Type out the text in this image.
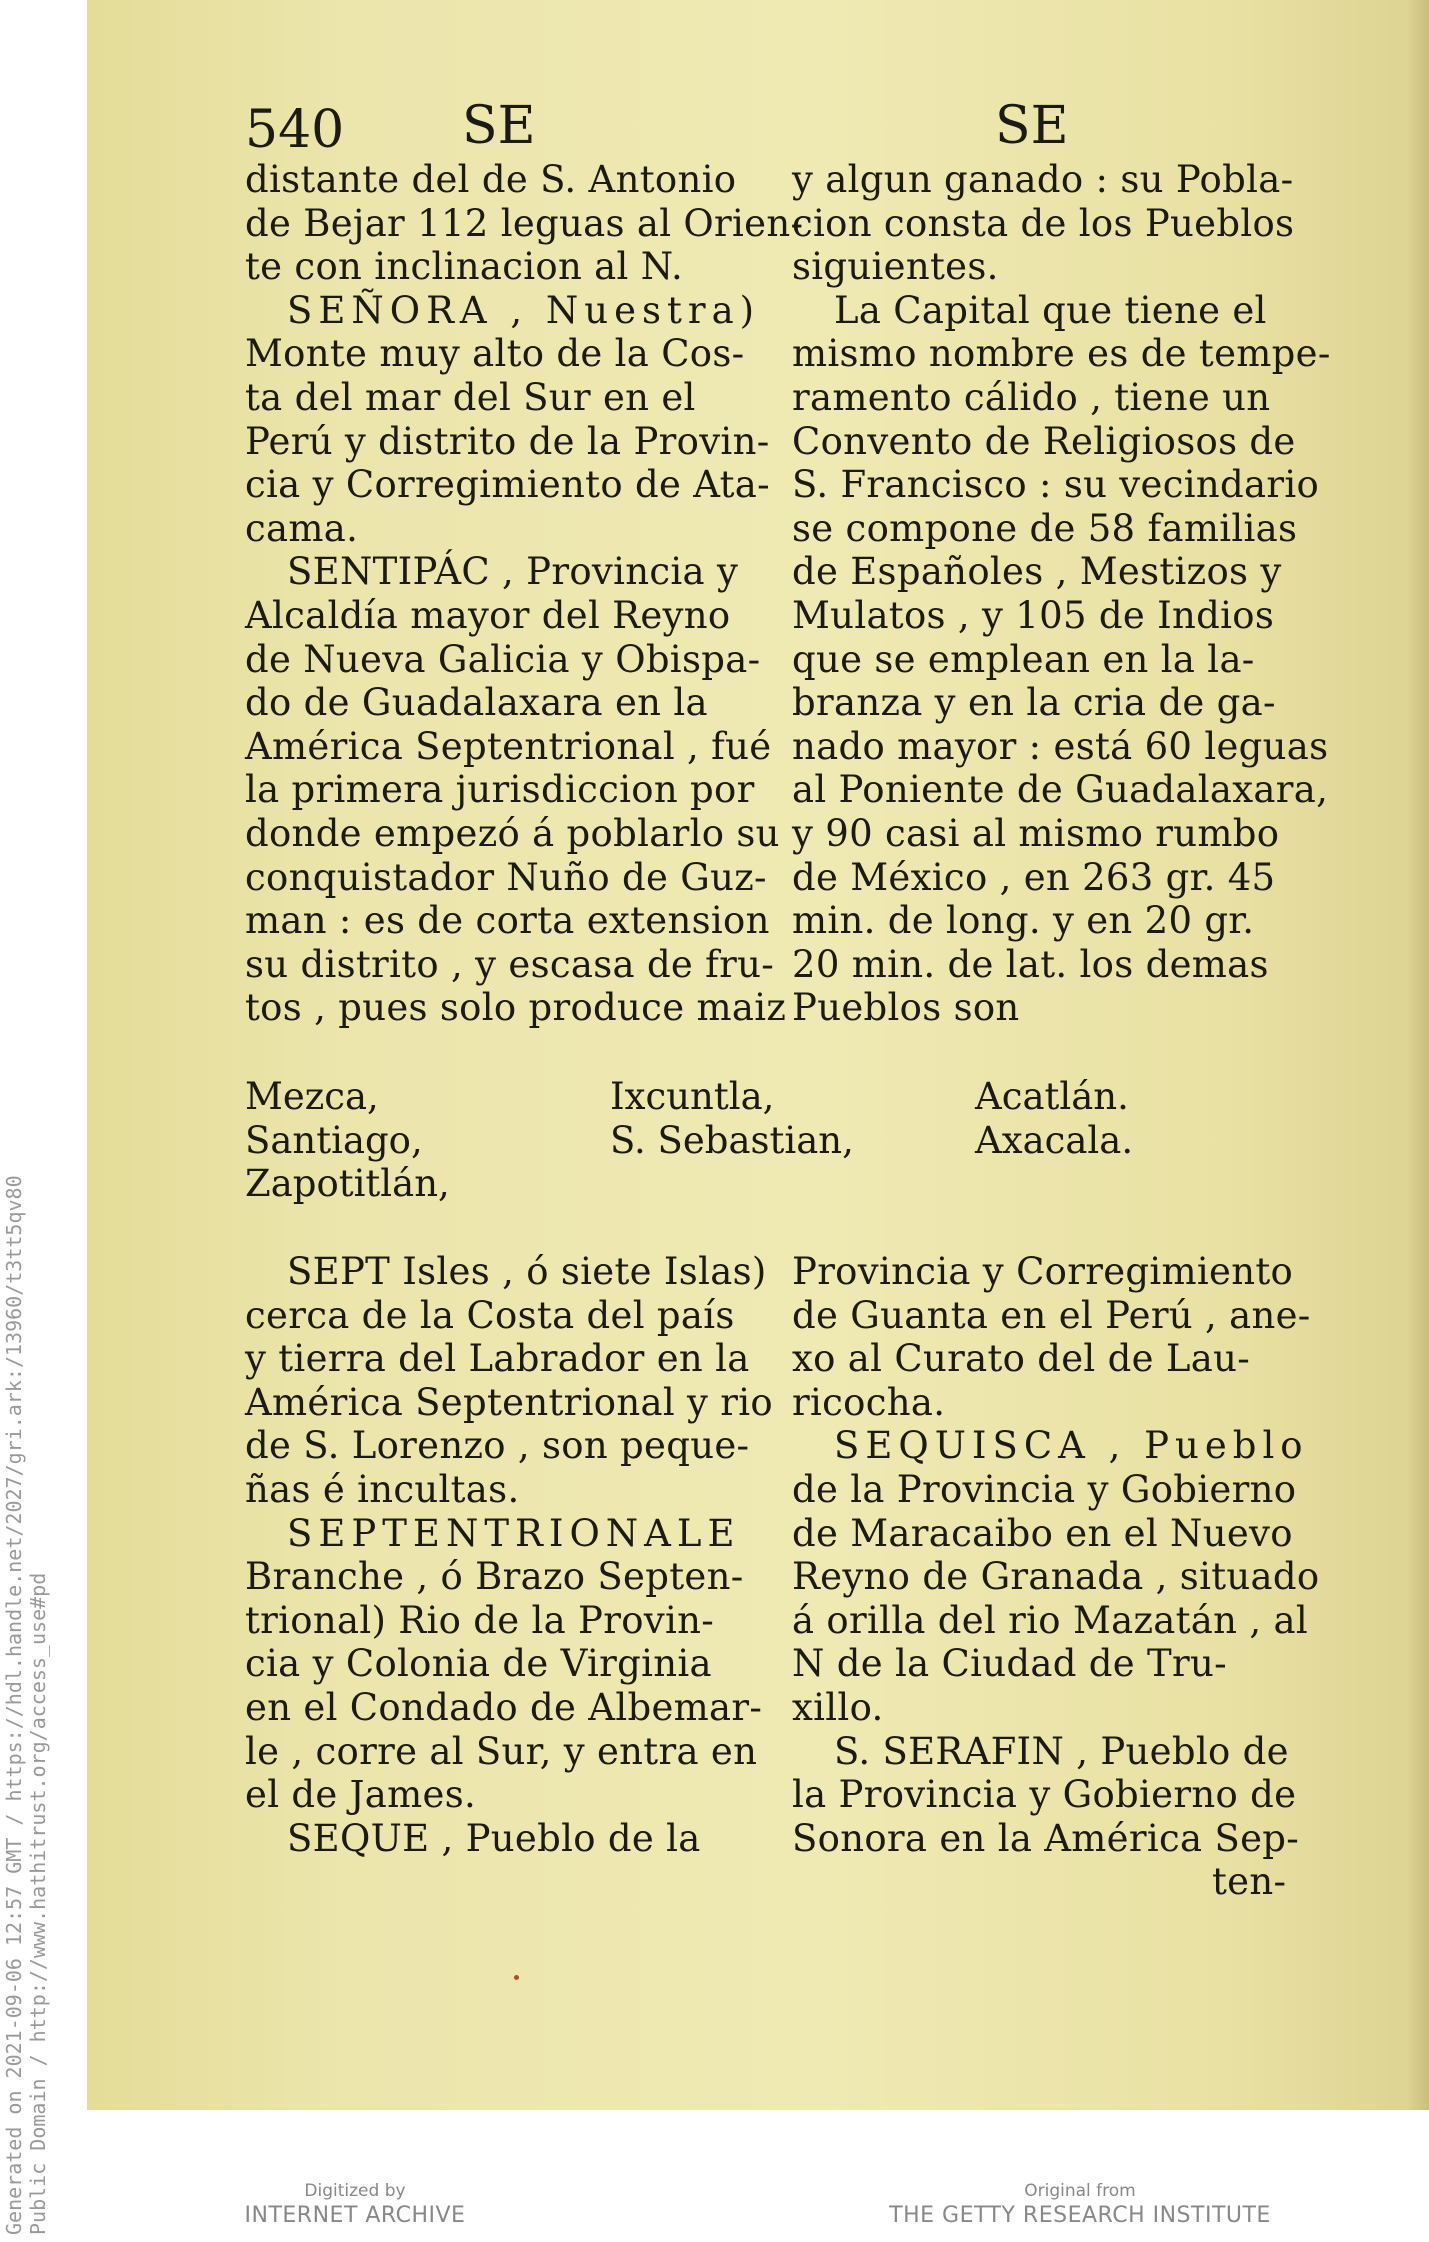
540 SE	SE
distante del de S. Antonio
de Bejar 112 leguas al Orien-
te con inclinacion al N.
SEÑORA , Nuestra)
Monte muy alto de la Cos-
ta del mar del Sur en el
Perú y distrito de la Provin-
cia y Corregimiento de Ata-
cama.
SENTIPÁC , Provincia y
Alcaldía mayor del Reyno
de Nueva Galicia y Obispa-
do de Guadalaxara en la
América Septentrional , fué
la primera jurisdiccion por
donde empezó á poblarlo su
conquistador Nuño de Guz-
man : es de corta extension
su distrito , y escasa de fru-
tos , pues solo produce maiz
y algun ganado : su Pobla-
cion consta de los Pueblos
siguientes.
La Capital que tiene el
mismo nombre es de tempe-
ramento cálido , tiene un
Convento de Religiosos de
S. Francisco : su vecindario
se compone de 58 familias
de Españoles , Mestizos y
Mulatos , y 105 de Indios
que se emplean en la la-
branza y en la cria de ga-
nado mayor : está 60 leguas
al Poniente de Guadalaxara,
y 90 casi al mismo rumbo
de México , en 263 gr. 45
min. de long. y en 20 gr.
20 min. de lat. los demas
Pueblos son
Mezca,
Santiago,
Zapotitlán,
Ixcuntla,
S. Sebastian,
Acatlán.
Axacala.
SEPT Isles , ó siete Islas)
cerca de la Costa del país
y tierra del Labrador en la
América Septentrional y rio
de S. Lorenzo , son peque-
ñas é incultas.
SEPTENTRIONALE
Branche , ó Brazo Septen-
trional) Rio de la Provin-
cia y Colonia de Virginia
en el Condado de Albemar-
le , corre al Sur, y entra en
el de James.
SEQUE , Pueblo de la
Provincia y Corregimiento
de Guanta en el Perú , ane-
xo al Curato del de Lau-
ricocha.
SEQUISCA , Pueblo
de la Provincia y Gobierno
de Maracaibo en el Nuevo
Reyno de Granada , situado
á orilla del rio Mazatán , al
N de la Ciudad de Tru-
xillo.
S. SERAFIN , Pueblo de
la Provincia y Gobierno de
Sonora en la América Sep-
ten-
Generated on 2021-09-06 12:57 GMT / https://hdl.handle.net/2027/gri.ark:/13960/t3tt5qv80 Public Domain / http://www.hathitrust.org/access_use#pd	Digitized by
INTERNET ARCHIVE
Original from
THE GETTY RESEARCH INSTITUTE
